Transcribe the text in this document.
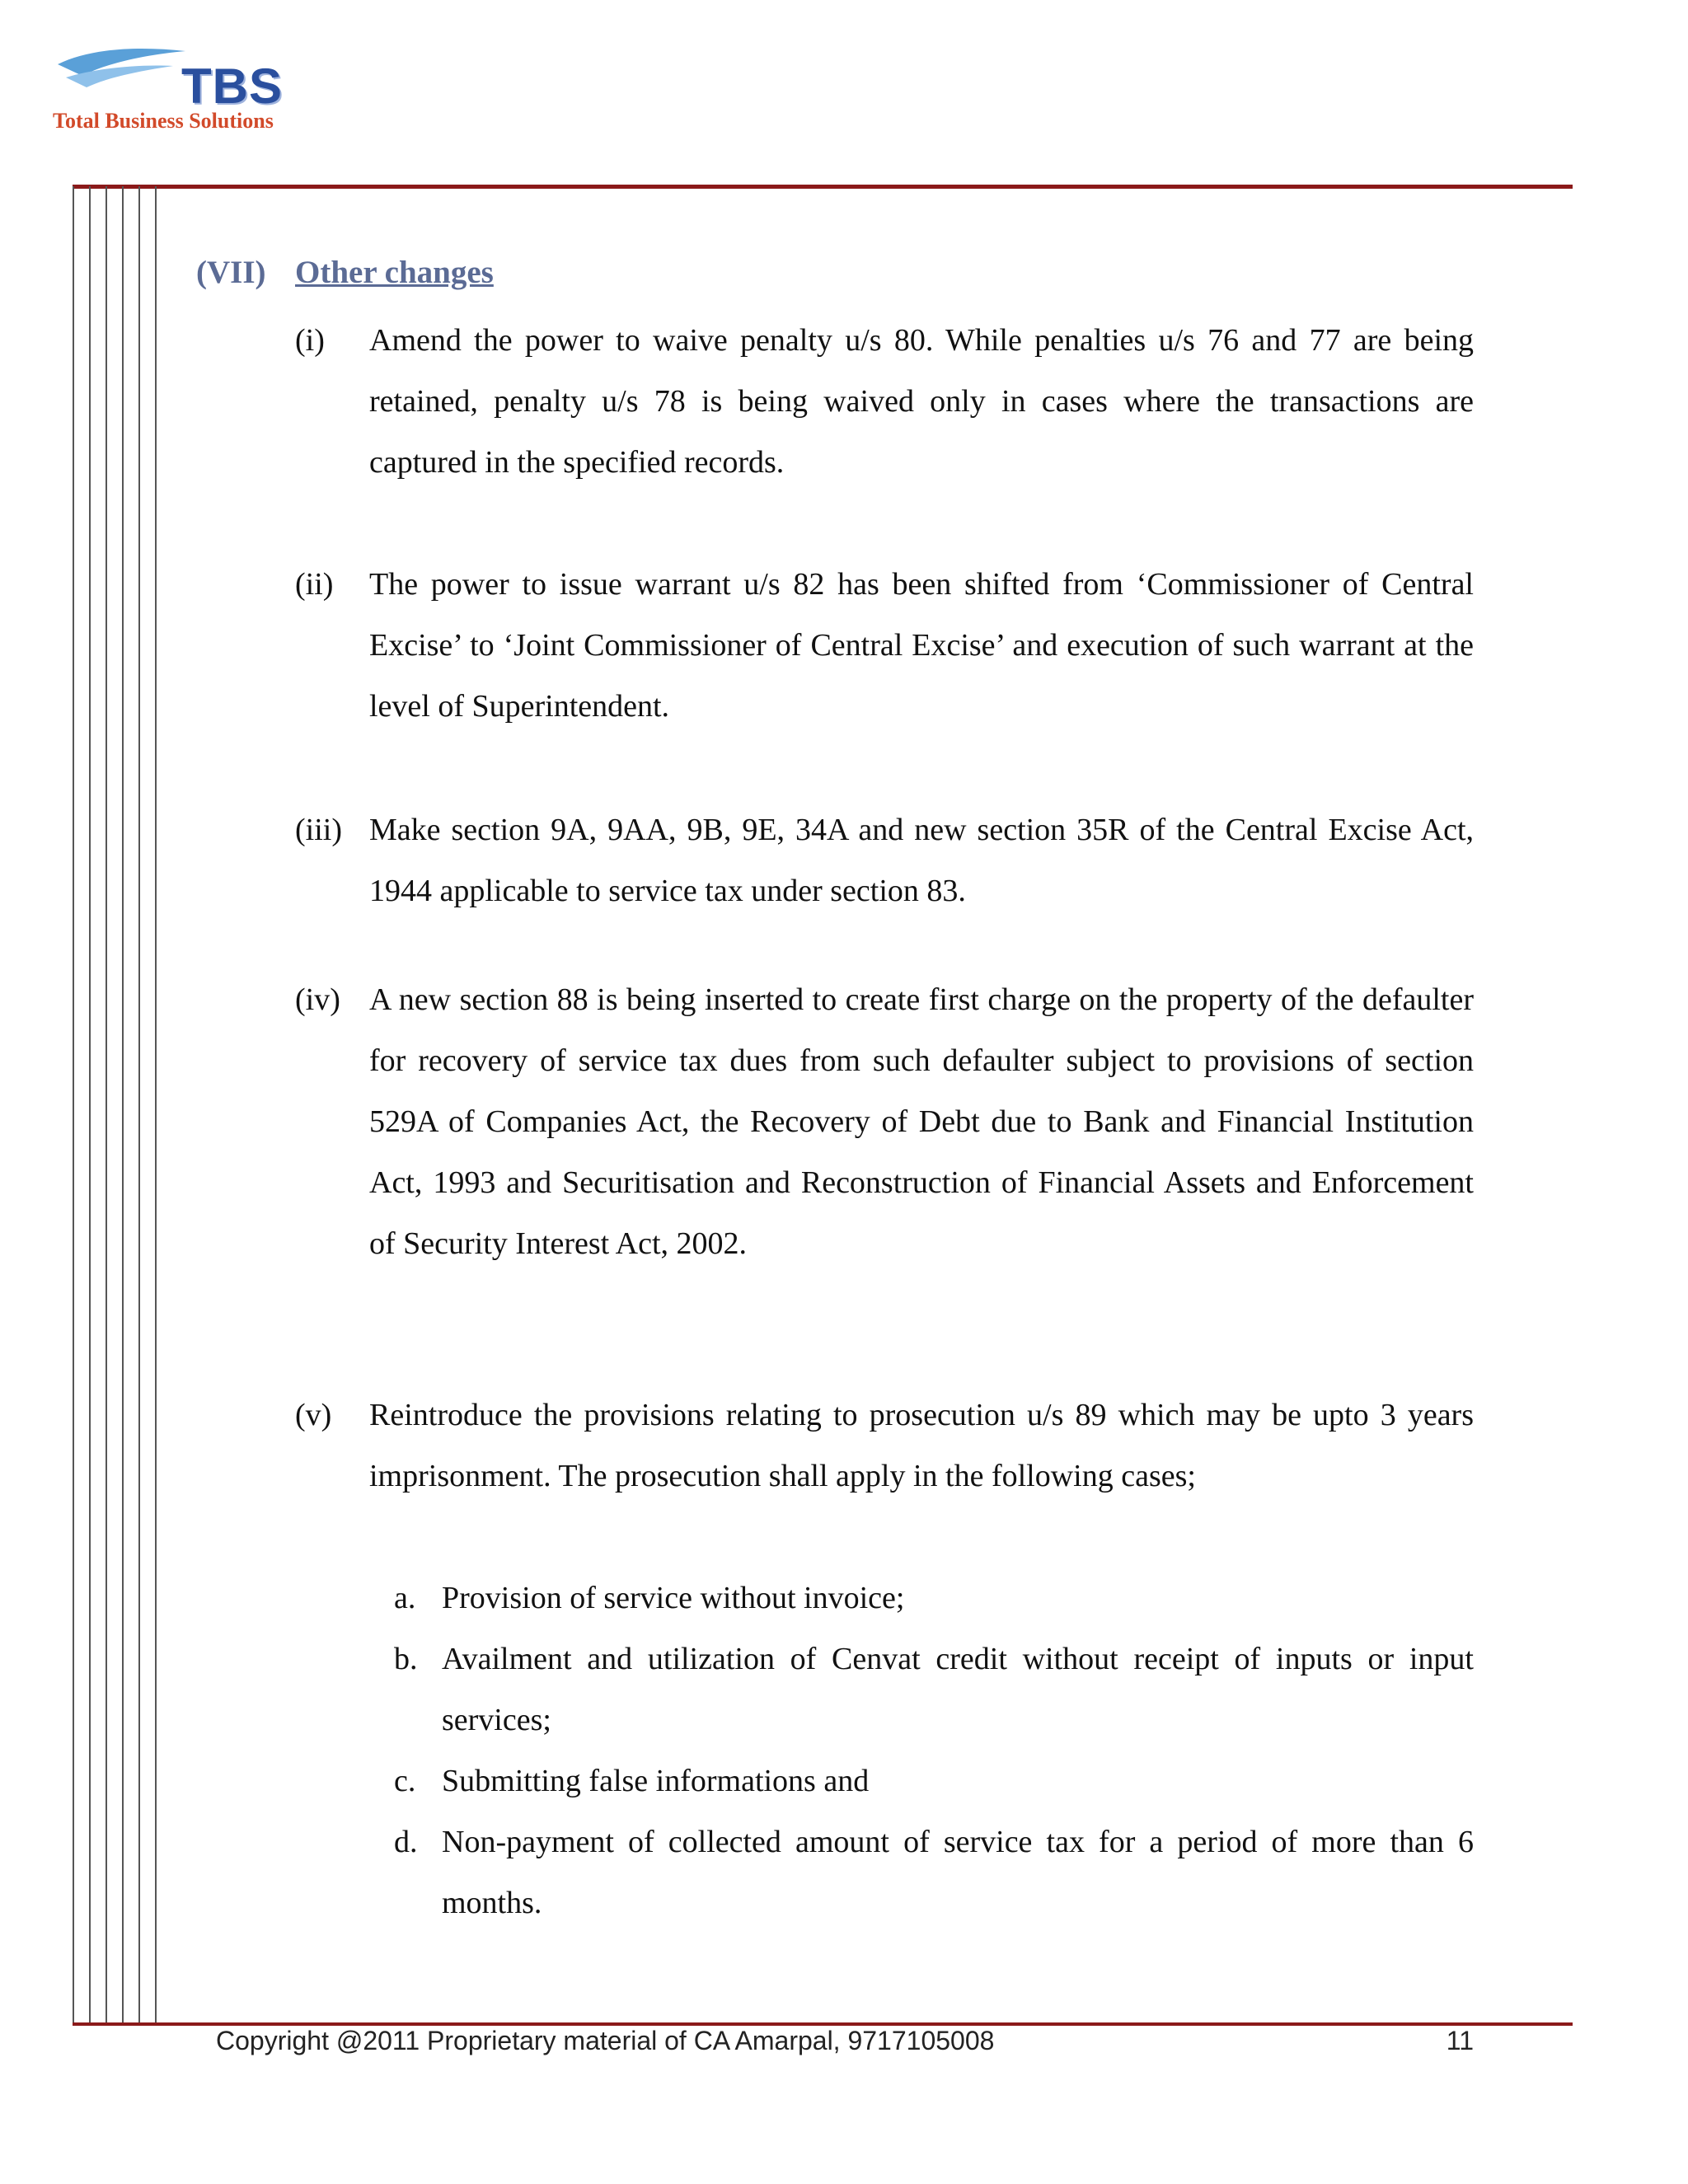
TBS
Total Business Solutions
(VII) Other changes
(i) Amend the power to waive penalty u/s 80. While penalties u/s 76 and 77 are being retained, penalty u/s 78 is being waived only in cases where the transactions are captured in the specified records.
(ii) The power to issue warrant u/s 82 has been shifted from ‘Commissioner of Central Excise’ to ‘Joint Commissioner of Central Excise’ and execution of such warrant at the level of Superintendent.
(iii) Make section 9A, 9AA, 9B, 9E, 34A and new section 35R of the Central Excise Act, 1944 applicable to service tax under section 83.
(iv) A new section 88 is being inserted to create first charge on the property of the defaulter for recovery of service tax dues from such defaulter subject to provisions of section 529A of Companies Act, the Recovery of Debt due to Bank and Financial Institution Act, 1993 and Securitisation and Reconstruction of Financial Assets and Enforcement of Security Interest Act, 2002.
(v) Reintroduce the provisions relating to prosecution u/s 89 which may be upto 3 years imprisonment. The prosecution shall apply in the following cases;
a. Provision of service without invoice;
b. Availment and utilization of Cenvat credit without receipt of inputs or input services;
c. Submitting false informations and
d. Non-payment of collected amount of service tax for a period of more than 6 months.
Copyright @2011 Proprietary material of CA Amarpal, 9717105008	11
